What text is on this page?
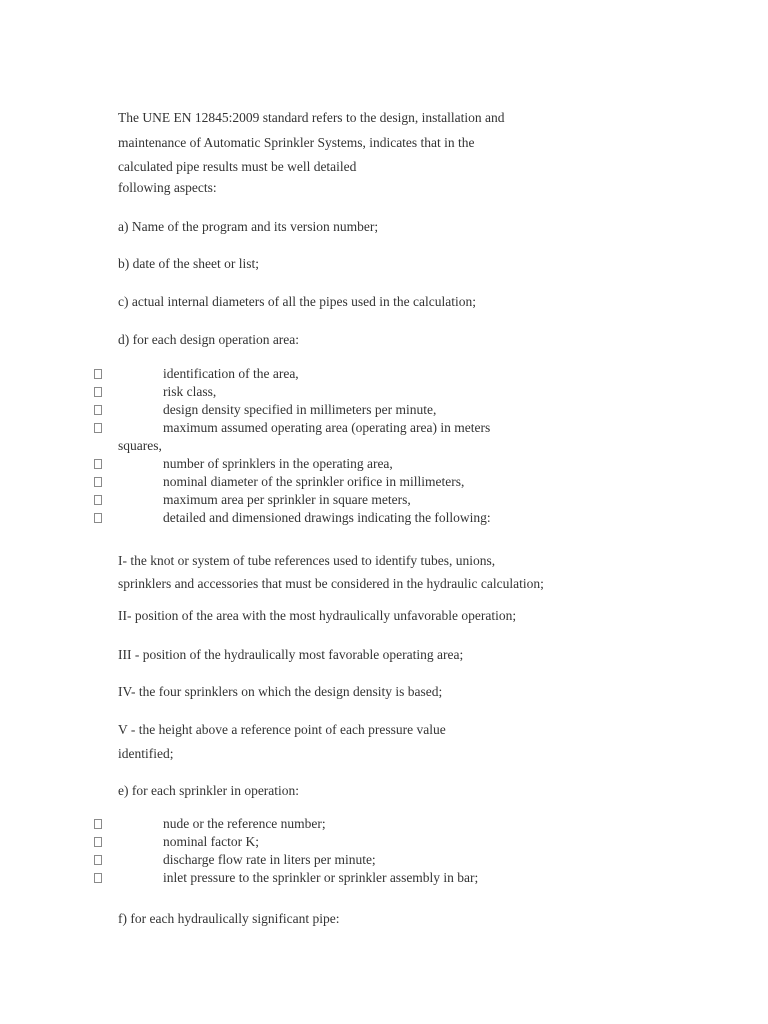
The UNE EN 12845:2009 standard refers to the design, installation and
maintenance of Automatic Sprinkler Systems, indicates that in the
calculated pipe results must be well detailed
following aspects:
a) Name of the program and its version number;
b) date of the sheet or list;
c) actual internal diameters of all the pipes used in the calculation;
d) for each design operation area:
identification of the area,
risk class,
design density specified in millimeters per minute,
maximum assumed operating area (operating area) in meters
squares,
number of sprinklers in the operating area,
nominal diameter of the sprinkler orifice in millimeters,
maximum area per sprinkler in square meters,
detailed and dimensioned drawings indicating the following:
I- the knot or system of tube references used to identify tubes, unions,
sprinklers and accessories that must be considered in the hydraulic calculation;
II- position of the area with the most hydraulically unfavorable operation;
III - position of the hydraulically most favorable operating area;
IV- the four sprinklers on which the design density is based;
V - the height above a reference point of each pressure value
identified;
e) for each sprinkler in operation:
nude or the reference number;
nominal factor K;
discharge flow rate in liters per minute;
inlet pressure to the sprinkler or sprinkler assembly in bar;
f) for each hydraulically significant pipe:
